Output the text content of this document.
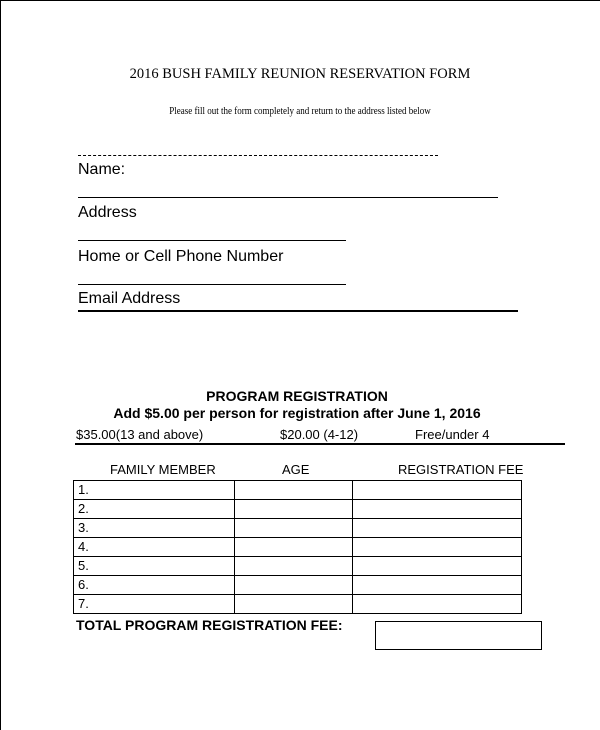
2016 BUSH FAMILY REUNION RESERVATION FORM
Please fill out the form completely and return to the address listed below
Name:
Address
Home or Cell Phone Number
Email Address
PROGRAM REGISTRATION
Add $5.00 per person for registration after June 1, 2016
$35.00(13 and above)	$20.00 (4-12)	Free/under 4
FAMILY MEMBER	AGE	REGISTRATION FEE
1.		
2.		
3.		
4.		
5.		
6.		
7.		
TOTAL PROGRAM REGISTRATION FEE:
